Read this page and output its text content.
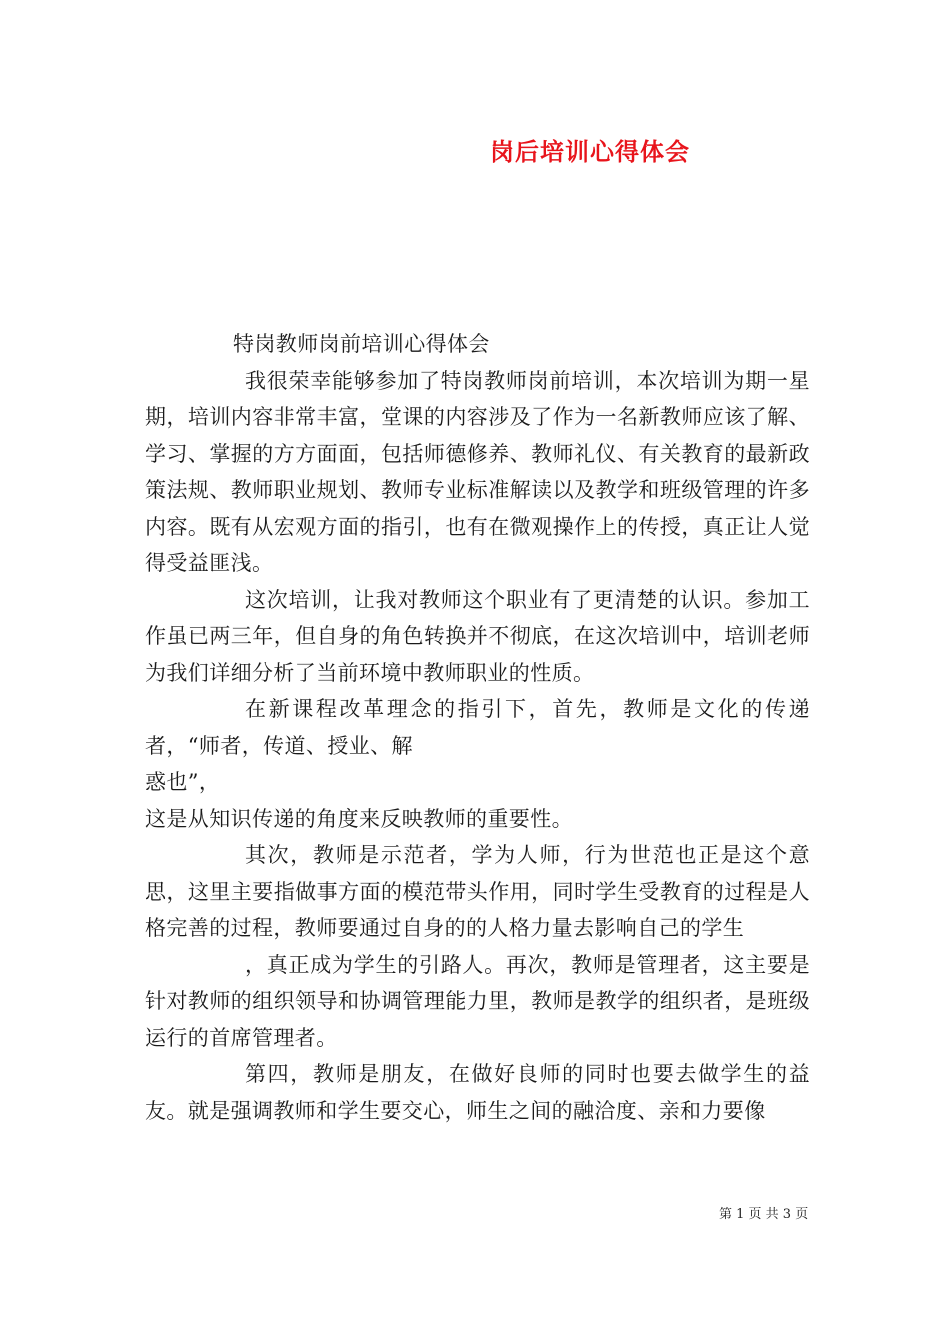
岗后培训心得体会

特岗教师岗前培训心得体会

我很荣幸能够参加了特岗教师岗前培训，本次培训为期一星期，培训内容非常丰富，堂课的内容涉及了作为一名新教师应该了解、学习、掌握的方方面面，包括师德修养、教师礼仪、有关教育的最新政策法规、教师职业规划、教师专业标准解读以及教学和班级管理的许多内容。既有从宏观方面的指引，也有在微观操作上的传授，真正让人觉得受益匪浅。

这次培训，让我对教师这个职业有了更清楚的认识。参加工作虽已两三年，但自身的角色转换并不彻底，在这次培训中，培训老师为我们详细分析了当前环境中教师职业的性质。

在新课程改革理念的指引下，首先，教师是文化的传递者，“师者，传道、授业、解

惑也”，

这是从知识传递的角度来反映教师的重要性。

其次，教师是示范者，学为人师，行为世范也正是这个意思，这里主要指做事方面的模范带头作用，同时学生受教育的过程是人格完善的过程，教师要通过自身的的人格力量去影响自己的学生

，真正成为学生的引路人。再次，教师是管理者，这主要是针对教师的组织领导和协调管理能力里，教师是教学的组织者，是班级运行的首席管理者。

第四，教师是朋友，在做好良师的同时也要去做学生的益友。就是强调教师和学生要交心，师生之间的融洽度、亲和力要像

第 1 页 共 3 页
